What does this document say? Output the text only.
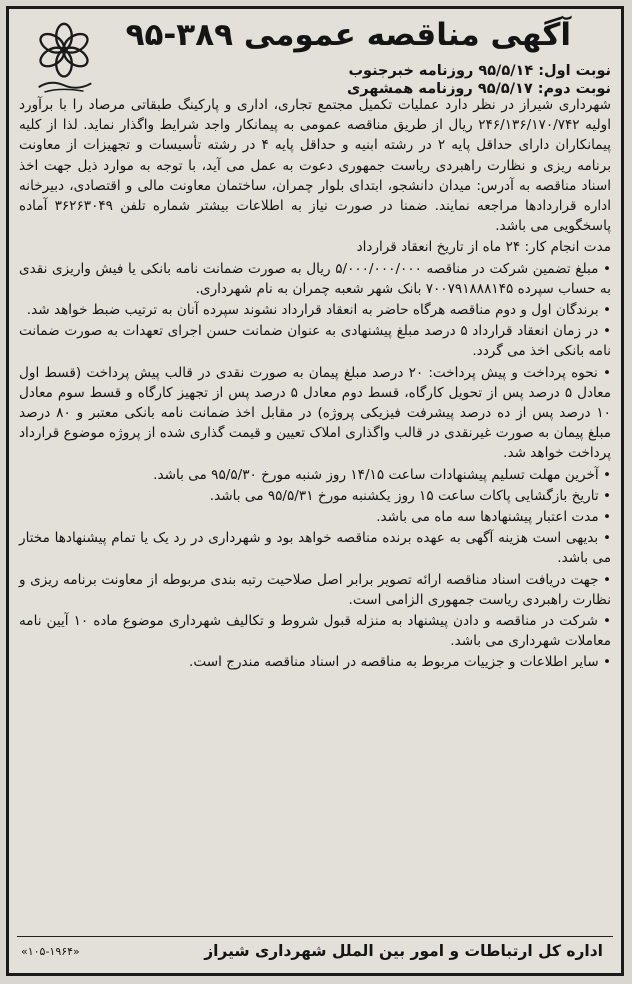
آگهی مناقصه عمومی ۳۸۹-۹۵
نوبت اول: ۹۵/۵/۱۴ روزنامه خبرجنوب
نوبت دوم: ۹۵/۵/۱۷ روزنامه همشهری

شهرداری شیراز در نظر دارد عملیات تکمیل مجتمع تجاری، اداری و پارکینگ طبقاتی مرصاد را با برآورد اولیه ۲۴۶/۱۳۶/۱۷۰/۷۴۲ ریال از طریق مناقصه عمومی به پیمانکار واجد شرایط واگذار نماید. لذا از کلیه پیمانکاران دارای حداقل پایه ۲ در رشته ابنیه و حداقل پایه ۴ در رشته تأسیسات و تجهیزات از معاونت برنامه ریزی و نظارت راهبردی ریاست جمهوری دعوت به عمل می آید، با توجه به موارد ذیل جهت اخذ اسناد مناقصه به آدرس: میدان دانشجو، ابتدای بلوار چمران، ساختمان معاونت مالی و اقتصادی، دبیرخانه اداره قراردادها مراجعه نمایند. ضمنا در صورت نیاز به اطلاعات بیشتر شماره تلفن ۳۶۲۶۳۰۴۹ آماده پاسخگویی می باشد.

مدت انجام کار: ۲۴ ماه از تاریخ انعقاد قرارداد

• مبلغ تضمین شرکت در مناقصه ۵/۰۰۰/۰۰۰/۰۰۰ ریال به صورت ضمانت نامه بانکی یا فیش واریزی نقدی به حساب سپرده ۷۰۰۷۹۱۸۸۸۱۴۵ بانک شهر شعبه چمران به نام شهرداری.

• برندگان اول و دوم مناقصه هرگاه حاضر به انعقاد قرارداد نشوند سپرده آنان به ترتیب ضبط خواهد شد.

• در زمان انعقاد قرارداد ۵ درصد مبلغ پیشنهادی به عنوان ضمانت حسن اجرای تعهدات به صورت ضمانت نامه بانکی اخذ می گردد.

• نحوه پرداخت و پیش پرداخت: ۲۰ درصد مبلغ پیمان به صورت نقدی در قالب پیش پرداخت (قسط اول معادل ۵ درصد پس از تحویل کارگاه، قسط دوم معادل ۵ درصد پس از تجهیز کارگاه و قسط سوم معادل ۱۰ درصد پس از ده درصد پیشرفت فیزیکی پروژه) در مقابل اخذ ضمانت نامه بانکی معتبر و ۸۰ درصد مبلغ پیمان به صورت غیرنقدی در قالب واگذاری املاک تعیین و قیمت گذاری شده از پروژه موضوع قرارداد پرداخت خواهد شد.

• آخرین مهلت تسلیم پیشنهادات ساعت ۱۴/۱۵ روز شنبه مورخ ۹۵/۵/۳۰ می باشد.

• تاریخ بازگشایی پاکات ساعت ۱۵ روز یکشنبه مورخ ۹۵/۵/۳۱ می باشد.

• مدت اعتبار پیشنهادها سه ماه می باشد.

• بدیهی است هزینه آگهی به عهده برنده مناقصه خواهد بود و شهرداری در رد یک یا تمام پیشنهادها مختار می باشد.

• جهت دریافت اسناد مناقصه ارائه تصویر برابر اصل صلاحیت رتبه بندی مربوطه از معاونت برنامه ریزی و نظارت راهبردی ریاست جمهوری الزامی است.

• شرکت در مناقصه و دادن پیشنهاد به منزله قبول شروط و تکالیف شهرداری موضوع ماده ۱۰ آیین نامه معاملات شهرداری می باشد.

• سایر اطلاعات و جزییات مربوط به مناقصه در اسناد مناقصه مندرج است.

اداره کل ارتباطات و امور بین الملل شهرداری شیراز
«۱۰۵-۱۹۶۴»
